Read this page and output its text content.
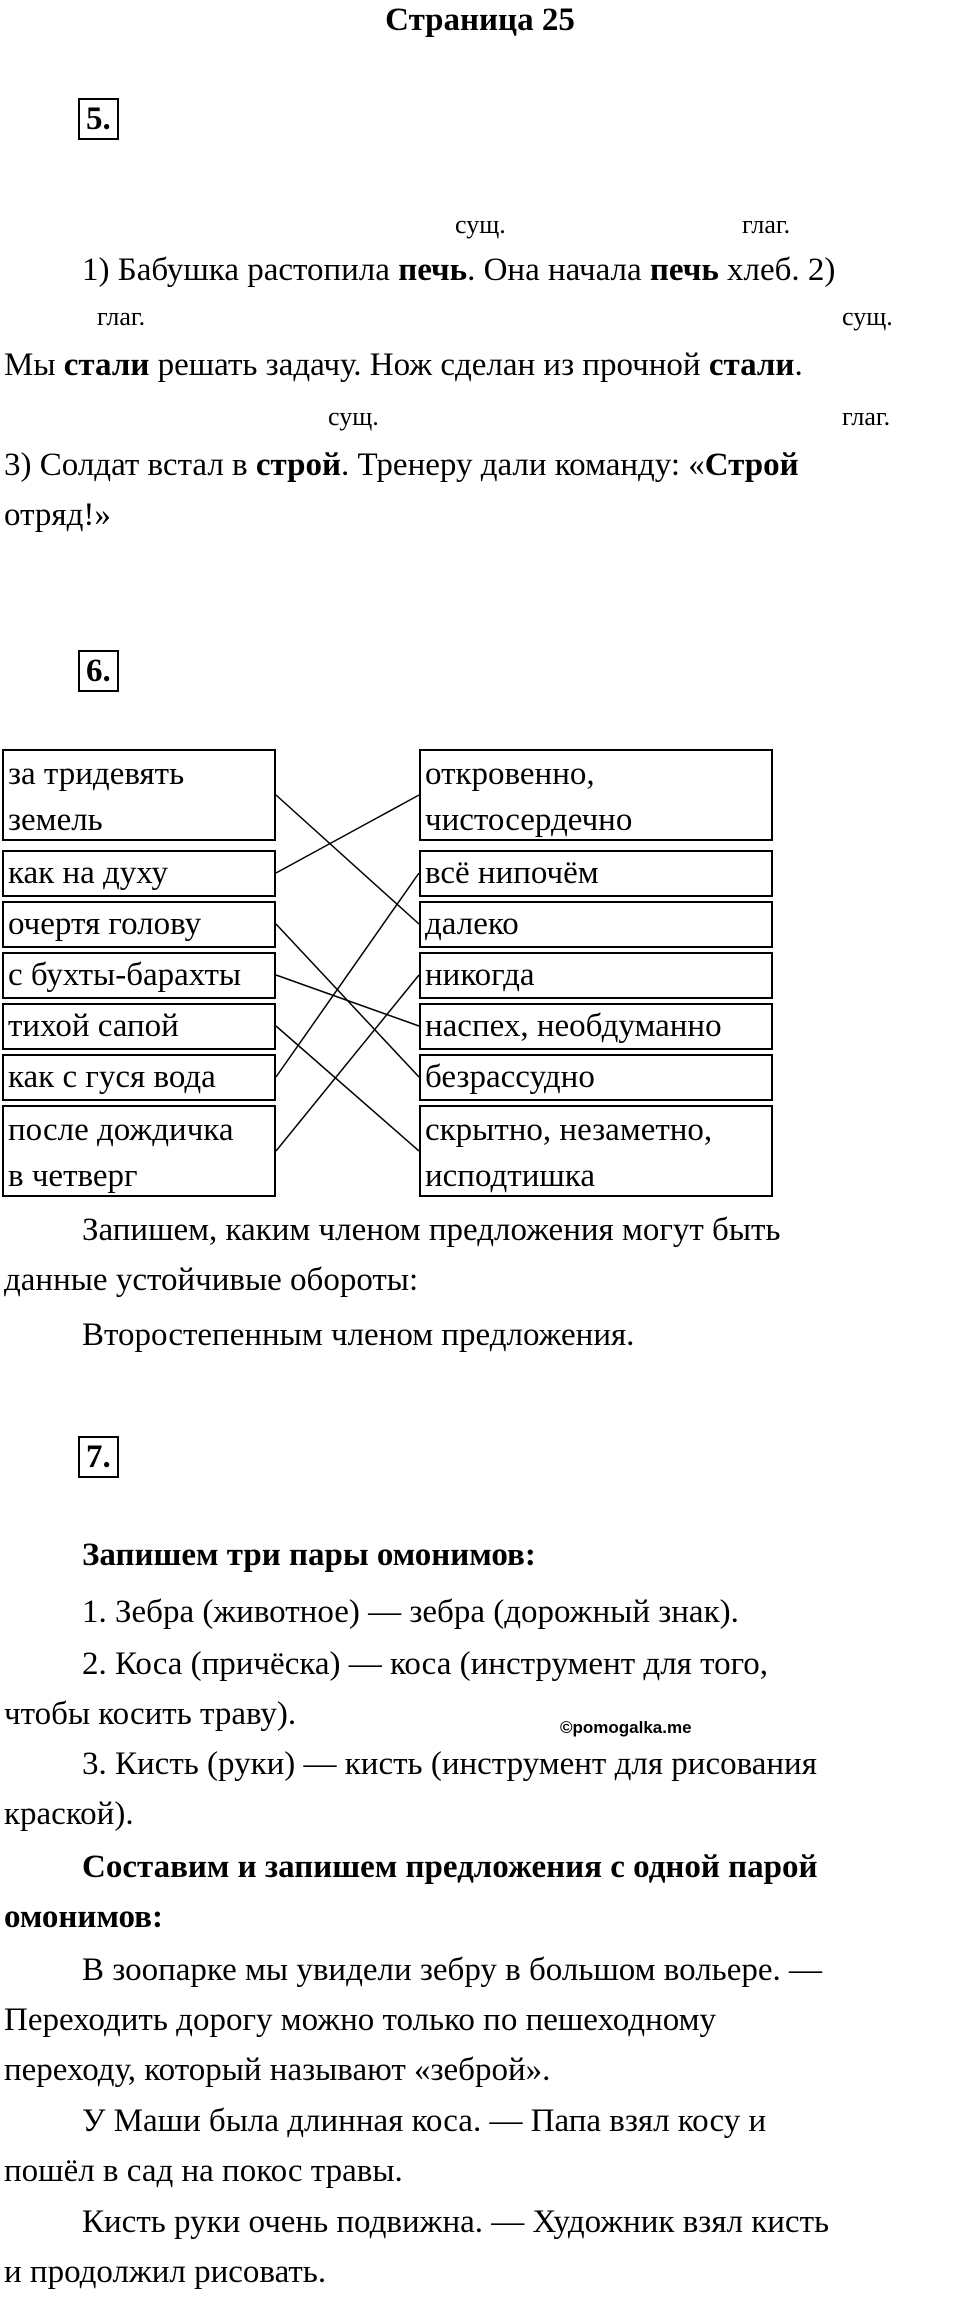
Страница 25
5.
сущ.	глаг.
1) Бабушка растопила печь. Она начала печь хлеб. 2)
глаг.	сущ.
Мы стали решать задачу. Нож сделан из прочной стали.
сущ.	глаг.
3) Солдат встал в строй. Тренеру дали команду: «Строй
отряд!»
6.
за тридевять
земель
как на духу
очертя голову
с бухты-барахты
тихой сапой
как с гуся вода
после дождичка
в четверг
откровенно,
чистосердечно
всё нипочём
далеко
никогда
наспех, необдуманно
безрассудно
скрытно, незаметно,
исподтишка
Запишем, каким членом предложения могут быть
данные устойчивые обороты:
Второстепенным членом предложения.
7.
Запишем три пары омонимов:
1. Зебра (животное) — зебра (дорожный знак).
2. Коса (причёска) — коса (инструмент для того,
чтобы косить траву).	©pomogalka.me
3. Кисть (руки) — кисть (инструмент для рисования
краской).
Составим и запишем предложения с одной парой
омонимов:
В зоопарке мы увидели зебру в большом вольере. —
Переходить дорогу можно только по пешеходному
переходу, который называют «зеброй».
У Маши была длинная коса. — Папа взял косу и
пошёл в сад на покос травы.
Кисть руки очень подвижна. — Художник взял кисть
и продолжил рисовать.
